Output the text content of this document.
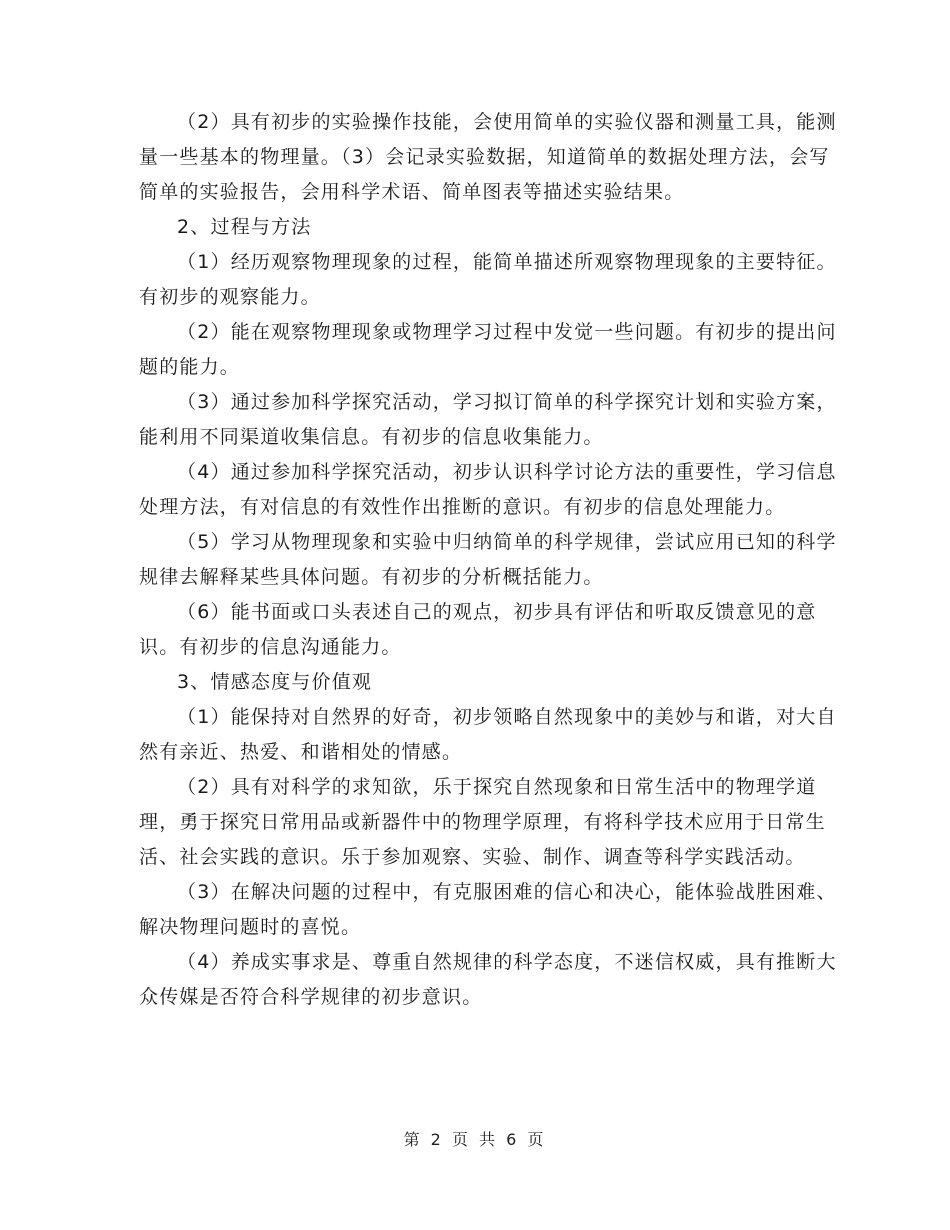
（2）具有初步的实验操作技能，会使用简单的实验仪器和测量工具，能测量一些基本的物理量。（3）会记录实验数据，知道简单的数据处理方法，会写简单的实验报告，会用科学术语、简单图表等描述实验结果。

2、过程与方法

（1）经历观察物理现象的过程，能简单描述所观察物理现象的主要特征。有初步的观察能力。

（2）能在观察物理现象或物理学习过程中发觉一些问题。有初步的提出问题的能力。

（3）通过参加科学探究活动，学习拟订简单的科学探究计划和实验方案，能利用不同渠道收集信息。有初步的信息收集能力。

（4）通过参加科学探究活动，初步认识科学讨论方法的重要性，学习信息处理方法，有对信息的有效性作出推断的意识。有初步的信息处理能力。

（5）学习从物理现象和实验中归纳简单的科学规律，尝试应用已知的科学规律去解释某些具体问题。有初步的分析概括能力。

（6）能书面或口头表述自己的观点，初步具有评估和听取反馈意见的意识。有初步的信息沟通能力。

3、情感态度与价值观

（1）能保持对自然界的好奇，初步领略自然现象中的美妙与和谐，对大自然有亲近、热爱、和谐相处的情感。

（2）具有对科学的求知欲，乐于探究自然现象和日常生活中的物理学道理，勇于探究日常用品或新器件中的物理学原理，有将科学技术应用于日常生活、社会实践的意识。乐于参加观察、实验、制作、调查等科学实践活动。

（3）在解决问题的过程中，有克服困难的信心和决心，能体验战胜困难、解决物理问题时的喜悦。

（4）养成实事求是、尊重自然规律的科学态度，不迷信权威，具有推断大众传媒是否符合科学规律的初步意识。

第 2 页 共 6 页
